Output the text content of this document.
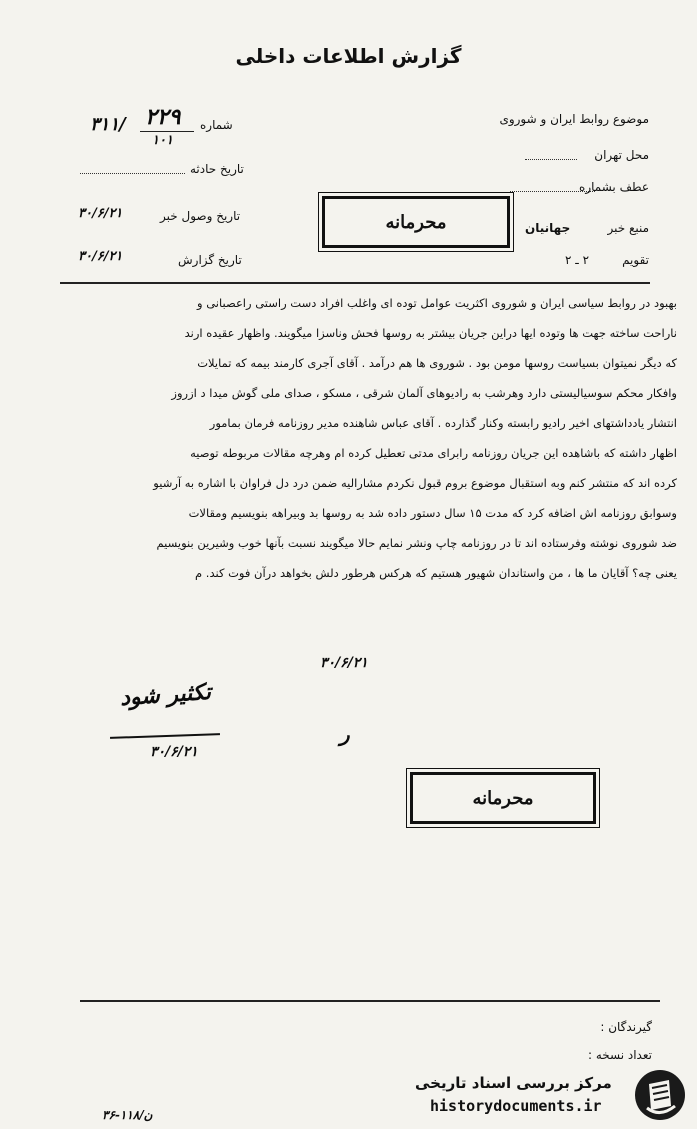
گزارش اطلاعات داخلی
شماره
۲۲۹
۱۰۱
۳۱۱/
تاریخ حادثه
تاریخ وصول خبر
۳۰/۶/۲۱
تاریخ گزارش
۳۰/۶/۲۱
موضوع روابط ایران و شوروی
محل تهران
عطف بشماره
منبع خبر
جهانیان
تقویم
۲ ـ ۲
محرمانه
بهبود در روابط سیاسی ایران و شوروی اکثریت عوامل توده ای واغلب افراد دست راستی راعصبانی و
ناراحت ساخته جهت ها وتوده ایها دراین جریان بیشتر به روسها فحش وناسزا میگویند. واظهار عقیده ارند
که دیگر نمیتوان بسیاست روسها مومن بود . شوروی ها هم درآمد . آقای آجری کارمند بیمه که تمایلات
وافکار محکم سوسیالیستی دارد وهرشب به رادیوهای آلمان شرقی ، مسکو ، صدای ملی گوش میدا د ازروز
انتشار یادداشتهای اخیر رادیو رابسته وکنار گذارده . آقای عباس شاهنده مدیر روزنامه فرمان بمامور
اظهار داشته که باشاهده این جریان روزنامه رابرای مدتی تعطیل کرده ام وهرچه مقالات مربوطه توصیه
کرده اند که منتشر کنم وبه استقبال موضوع بروم قبول نکردم مشارالیه ضمن درد دل فراوان با اشاره به آرشیو
وسوابق روزنامه اش اضافه کرد که مدت ۱۵ سال دستور داده شد به روسها بد وبیراهه بنویسیم ومقالات
ضد شوروی نوشته وفرستاده اند تا در روزنامه چاپ ونشر نمایم حالا میگویند نسبت بآنها خوب وشیرین بنویسیم
یعنی چه؟ آقایان ما ها ، من واستاندان شهیور هستیم که هرکس هرطور دلش بخواهد درآن فوت کند. م
۳۰/۶/۲۱
تکثیر شود
۳۰/۶/۲۱
ر
محرمانه
گیرندگان :
تعداد نسخه :
۳۶-۱۱۸/ن
مرکز بررسی اسناد تاریخی
historydocuments.ir
